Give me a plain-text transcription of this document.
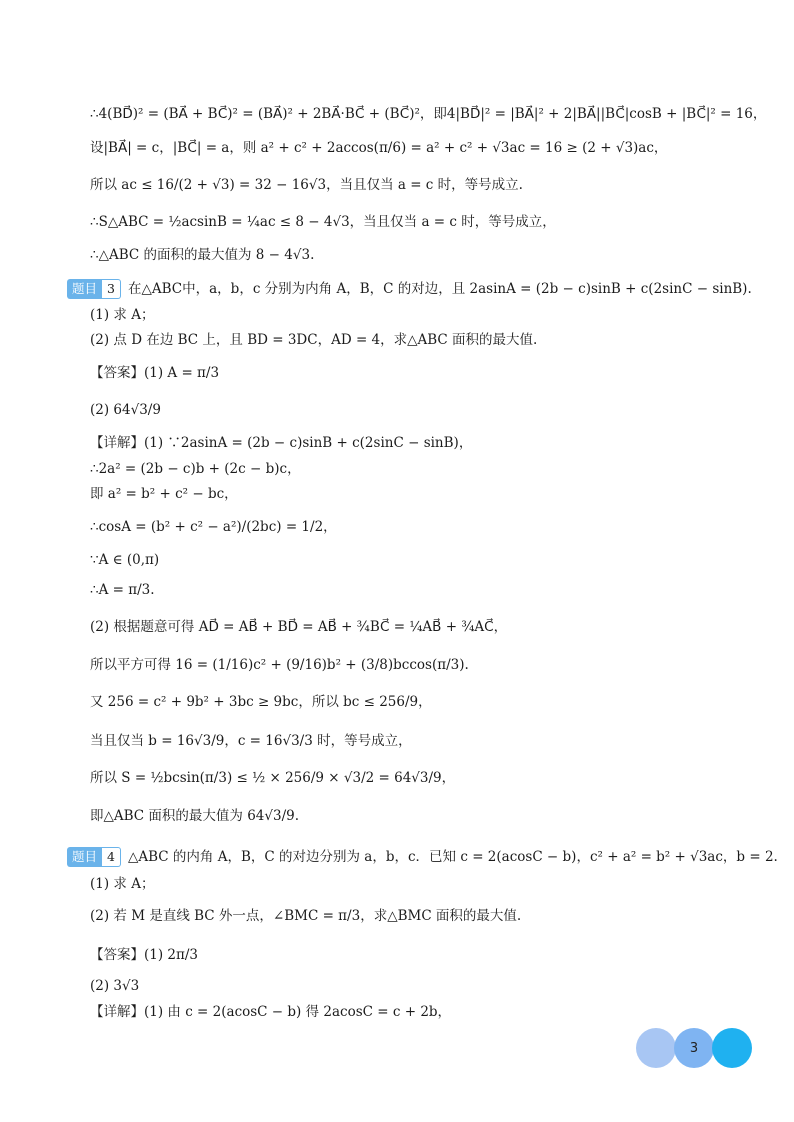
∴4(BD⃗)² = (BA⃗ + BC⃗)² = (BA⃗)² + 2BA⃗·BC⃗ + (BC⃗)²，即4|BD⃗|² = |BA⃗|² + 2|BA⃗||BC⃗|cosB + |BC⃗|² = 16，
设|BA⃗| = c，|BC⃗| = a，则 a² + c² + 2accos(π/6) = a² + c² + √3ac = 16 ≥ (2 + √3)ac，
所以 ac ≤ 16/(2 + √3) = 32 − 16√3，当且仅当 a = c 时，等号成立.
∴S△ABC = ½acsinB = ¼ac ≤ 8 − 4√3，当且仅当 a = c 时，等号成立，
∴△ABC 的面积的最大值为 8 − 4√3.
题目 3 在△ABC中，a，b，c 分别为内角 A，B，C 的对边，且 2asinA = (2b − c)sinB + c(2sinC − sinB).
(1) 求 A；
(2) 点 D 在边 BC 上，且 BD = 3DC，AD = 4，求△ABC 面积的最大值.
【答案】(1) A = π/3
(2) 64√3/9
【详解】(1) ∵2asinA = (2b − c)sinB + c(2sinC − sinB)，
∴2a² = (2b − c)b + (2c − b)c，
即 a² = b² + c² − bc，
∴cosA = (b² + c² − a²)/(2bc) = 1/2，
∵A ∈ (0,π)
∴A = π/3.
(2) 根据题意可得 AD⃗ = AB⃗ + BD⃗ = AB⃗ + ¾BC⃗ = ¼AB⃗ + ¾AC⃗，
所以平方可得 16 = (1/16)c² + (9/16)b² + (3/8)bccos(π/3).
又 256 = c² + 9b² + 3bc ≥ 9bc，所以 bc ≤ 256/9，
当且仅当 b = 16√3/9，c = 16√3/3 时，等号成立，
所以 S = ½bcsin(π/3) ≤ ½ × 256/9 × √3/2 = 64√3/9，
即△ABC 面积的最大值为 64√3/9.
题目 4 △ABC 的内角 A，B，C 的对边分别为 a，b，c．已知 c = 2(acosC − b)，c² + a² = b² + √3ac，b = 2.
(1) 求 A；
(2) 若 M 是直线 BC 外一点，∠BMC = π/3，求△BMC 面积的最大值.
【答案】(1) 2π/3
(2) 3√3
【详解】(1) 由 c = 2(acosC − b) 得 2acosC = c + 2b，
3
